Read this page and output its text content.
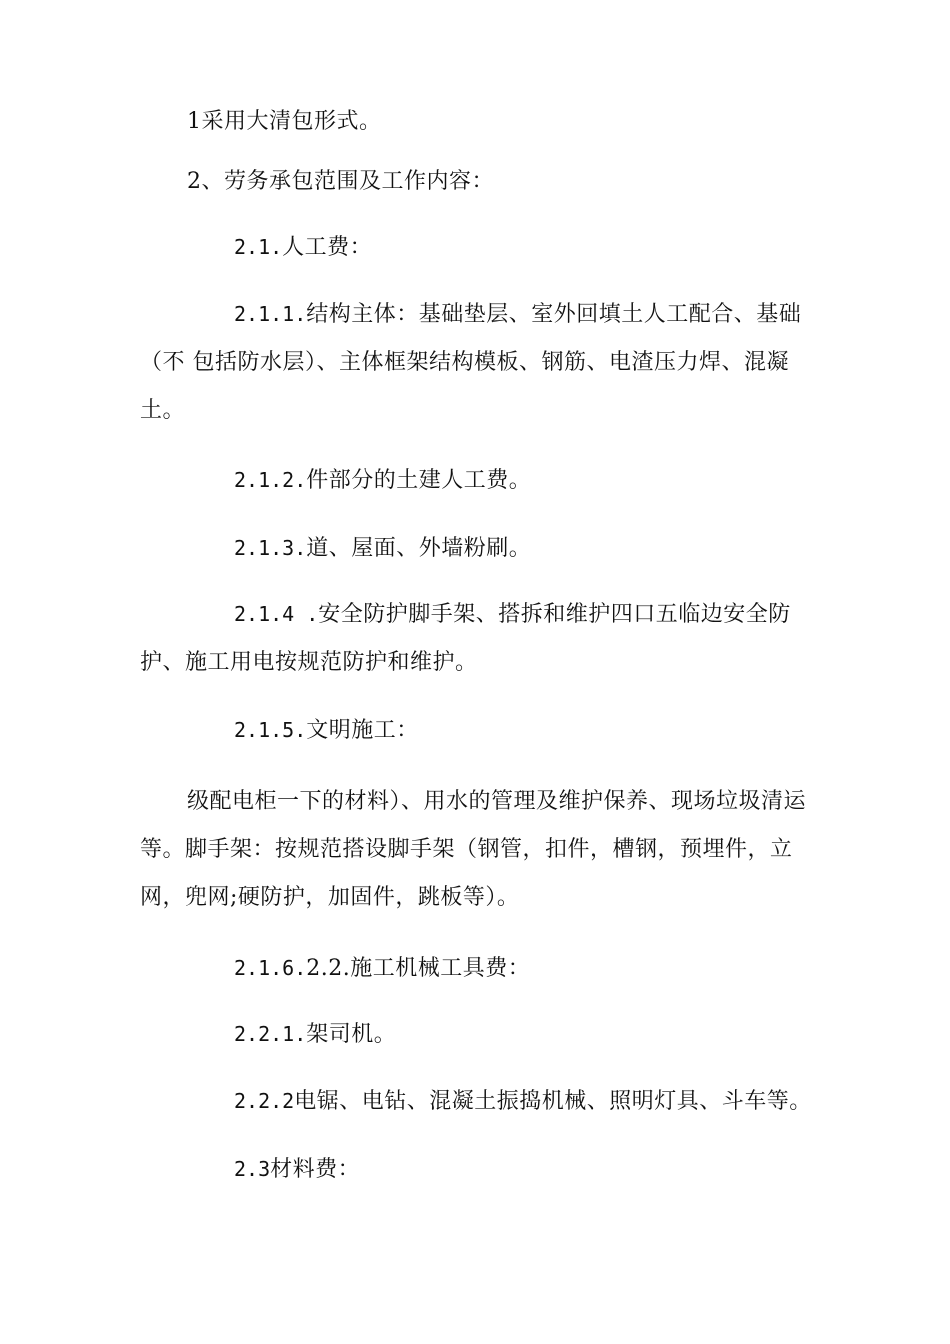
1采用大清包形式。

2、劳务承包范围及工作内容：

2.1.人工费：

2.1.1.结构主体：基础垫层、室外回填土人工配合、基础（不 包括防水层）、主体框架结构模板、钢筋、电渣压力焊、混凝土。

2.1.2.件部分的土建人工费。

2.1.3.道、屋面、外墙粉刷。

2.1.4 .安全防护脚手架、搭拆和维护四口五临边安全防护、施工用电按规范防护和维护。

2.1.5.文明施工：

级配电柜一下的材料）、用水的管理及维护保养、现场垃圾清运等。脚手架：按规范搭设脚手架（钢管，扣件，槽钢，预埋件，立网，兜网;硬防护，加固件，跳板等）。

2.1.6.2.2.施工机械工具费：

2.2.1.架司机。

2.2.2电锯、电钻、混凝土振捣机械、照明灯具、斗车等。

2.3材料费：
